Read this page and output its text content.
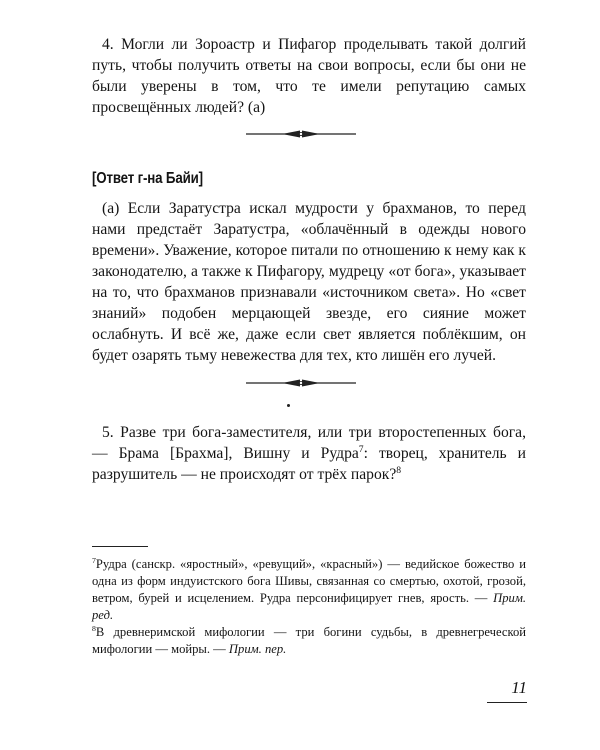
4. Могли ли Зороастр и Пифагор проделывать такой долгий путь, чтобы получить ответы на свои вопросы, если бы они не были уверены в том, что те имели репутацию самых просвещённых людей? (а)

[Ответ г-на Байи]

(а) Если Заратустра искал мудрости у брахманов, то перед нами предстаёт Заратустра, «облачённый в одежды нового времени». Уважение, которое питали по отношению к нему как к законодателю, а также к Пифагору, мудрецу «от бога», указывает на то, что брахманов признавали «источником света». Но «свет знаний» подобен мерцающей звезде, его сияние может ослабнуть. И всё же, даже если свет является поблёкшим, он будет озарять тьму невежества для тех, кто лишён его лучей.

5. Разве три бога-заместителя, или три второстепенных бога, — Брама [Брахма], Вишну и Рудра$^7$: творец, хранитель и разрушитель — не происходят от трёх парок?$^8$

$^7$Рудра (санскр. «яростный», «ревущий», «красный») — ведийское божество и одна из форм индуистского бога Шивы, связанная со смертью, охотой, грозой, ветром, бурей и исцелением. Рудра персонифицирует гнев, ярость. — Прим. ред.

$^8$В древнеримской мифологии — три богини судьбы, в древнегреческой мифологии — мойры. — Прим. пер.

11
